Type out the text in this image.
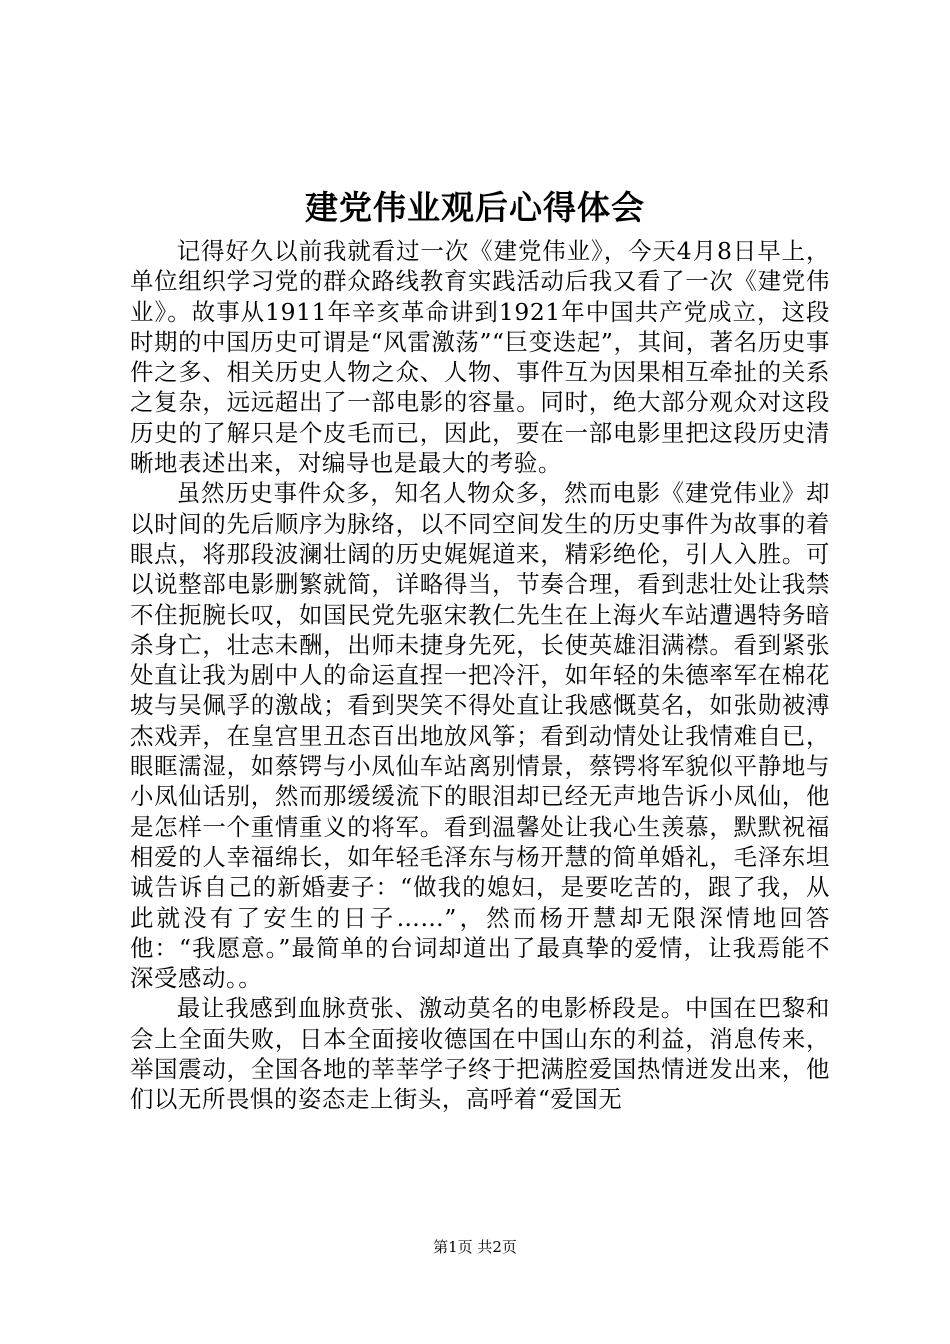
建党伟业观后心得体会

记得好久以前我就看过一次《建党伟业》，今天4月8日早上，单位组织学习党的群众路线教育实践活动后我又看了一次《建党伟业》。故事从1911年辛亥革命讲到1921年中国共产党成立，这段时期的中国历史可谓是“风雷激荡”“巨变迭起”，其间，著名历史事件之多、相关历史人物之众、人物、事件互为因果相互牵扯的关系之复杂，远远超出了一部电影的容量。同时，绝大部分观众对这段历史的了解只是个皮毛而已，因此，要在一部电影里把这段历史清晰地表述出来，对编导也是最大的考验。

虽然历史事件众多，知名人物众多，然而电影《建党伟业》却以时间的先后顺序为脉络，以不同空间发生的历史事件为故事的着眼点，将那段波澜壮阔的历史娓娓道来，精彩绝伦，引人入胜。可以说整部电影删繁就简，详略得当，节奏合理，看到悲壮处让我禁不住扼腕长叹，如国民党先驱宋教仁先生在上海火车站遭遇特务暗杀身亡，壮志未酬，出师未捷身先死，长使英雄泪满襟。看到紧张处直让我为剧中人的命运直捏一把冷汗，如年轻的朱德率军在棉花坡与吴佩孚的激战；看到哭笑不得处直让我感慨莫名，如张勋被溥杰戏弄，在皇宫里丑态百出地放风筝；看到动情处让我情难自已，眼眶濡湿，如蔡锷与小凤仙车站离别情景，蔡锷将军貌似平静地与小凤仙话别，然而那缓缓流下的眼泪却已经无声地告诉小凤仙，他是怎样一个重情重义的将军。看到温馨处让我心生羡慕，默默祝福相爱的人幸福绵长，如年轻毛泽东与杨开慧的简单婚礼，毛泽东坦诚告诉自己的新婚妻子：“做我的媳妇，是要吃苦的，跟了我，从此就没有了安生的日子……”，然而杨开慧却无限深情地回答他：“我愿意。”最简单的台词却道出了最真挚的爱情，让我焉能不深受感动。。

最让我感到血脉贲张、激动莫名的电影桥段是。中国在巴黎和会上全面失败，日本全面接收德国在中国山东的利益，消息传来，举国震动，全国各地的莘莘学子终于把满腔爱国热情迸发出来，他们以无所畏惧的姿态走上街头，高呼着“爱国无

第1页 共2页
